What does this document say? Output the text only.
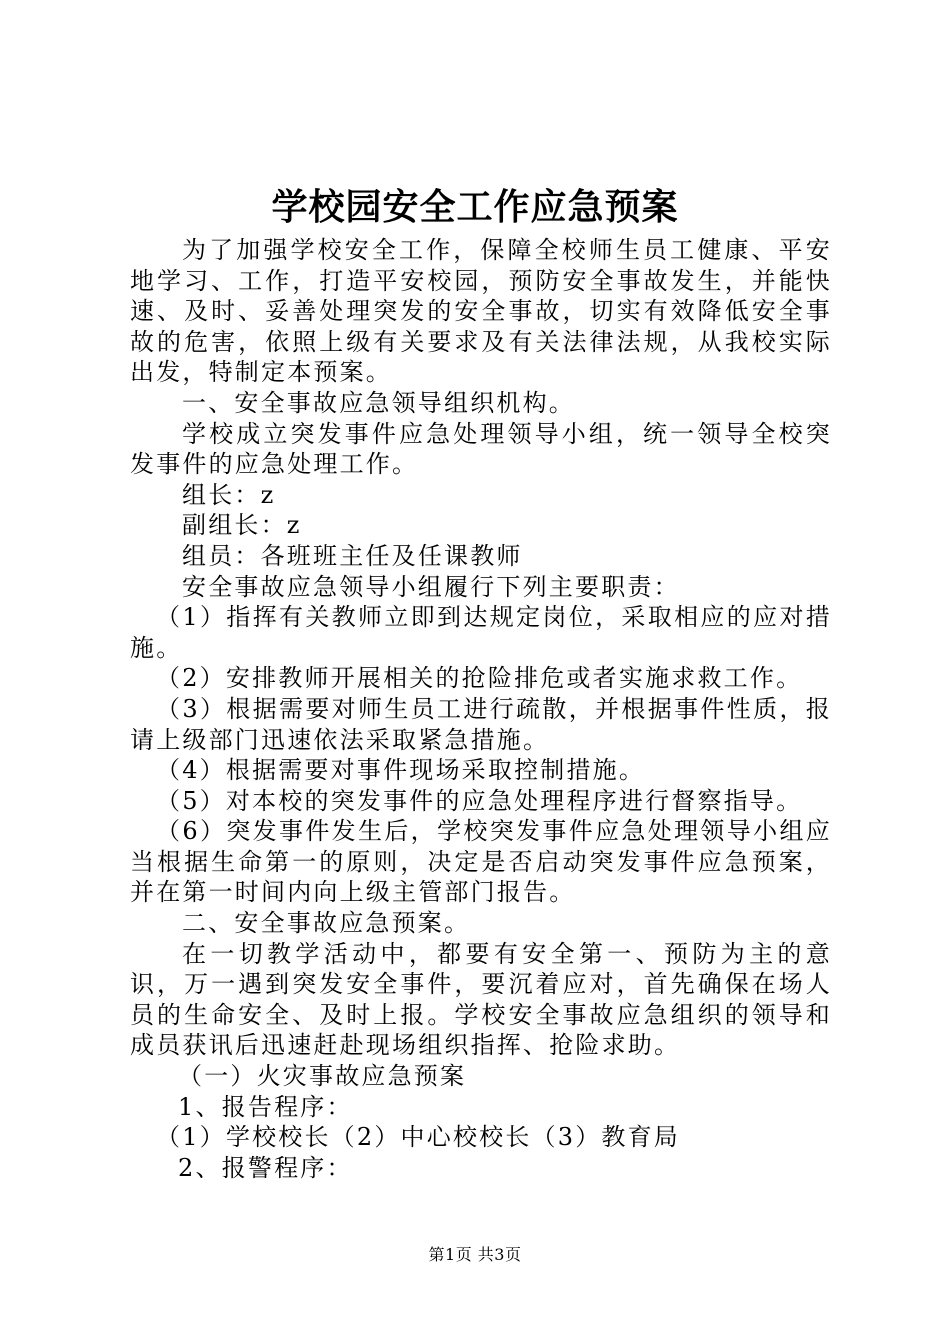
学校园安全工作应急预案

为了加强学校安全工作，保障全校师生员工健康、平安地学习、工作，打造平安校园，预防安全事故发生，并能快速、及时、妥善处理突发的安全事故，切实有效降低安全事故的危害，依照上级有关要求及有关法律法规，从我校实际出发，特制定本预案。

一、安全事故应急领导组织机构。

学校成立突发事件应急处理领导小组，统一领导全校突发事件的应急处理工作。

组长：z

副组长：z

组员：各班班主任及任课教师

安全事故应急领导小组履行下列主要职责：

（1）指挥有关教师立即到达规定岗位，采取相应的应对措施。

（2）安排教师开展相关的抢险排危或者实施求救工作。

（3）根据需要对师生员工进行疏散，并根据事件性质，报请上级部门迅速依法采取紧急措施。

（4）根据需要对事件现场采取控制措施。

（5）对本校的突发事件的应急处理程序进行督察指导。

（6）突发事件发生后，学校突发事件应急处理领导小组应当根据生命第一的原则，决定是否启动突发事件应急预案，并在第一时间内向上级主管部门报告。

二、安全事故应急预案。

在一切教学活动中，都要有安全第一、预防为主的意识，万一遇到突发安全事件，要沉着应对，首先确保在场人员的生命安全、及时上报。学校安全事故应急组织的领导和成员获讯后迅速赶赴现场组织指挥、抢险求助。

（一）火灾事故应急预案

1、报告程序：

（1）学校校长（2）中心校校长（3）教育局

2、报警程序：

第1页 共3页
